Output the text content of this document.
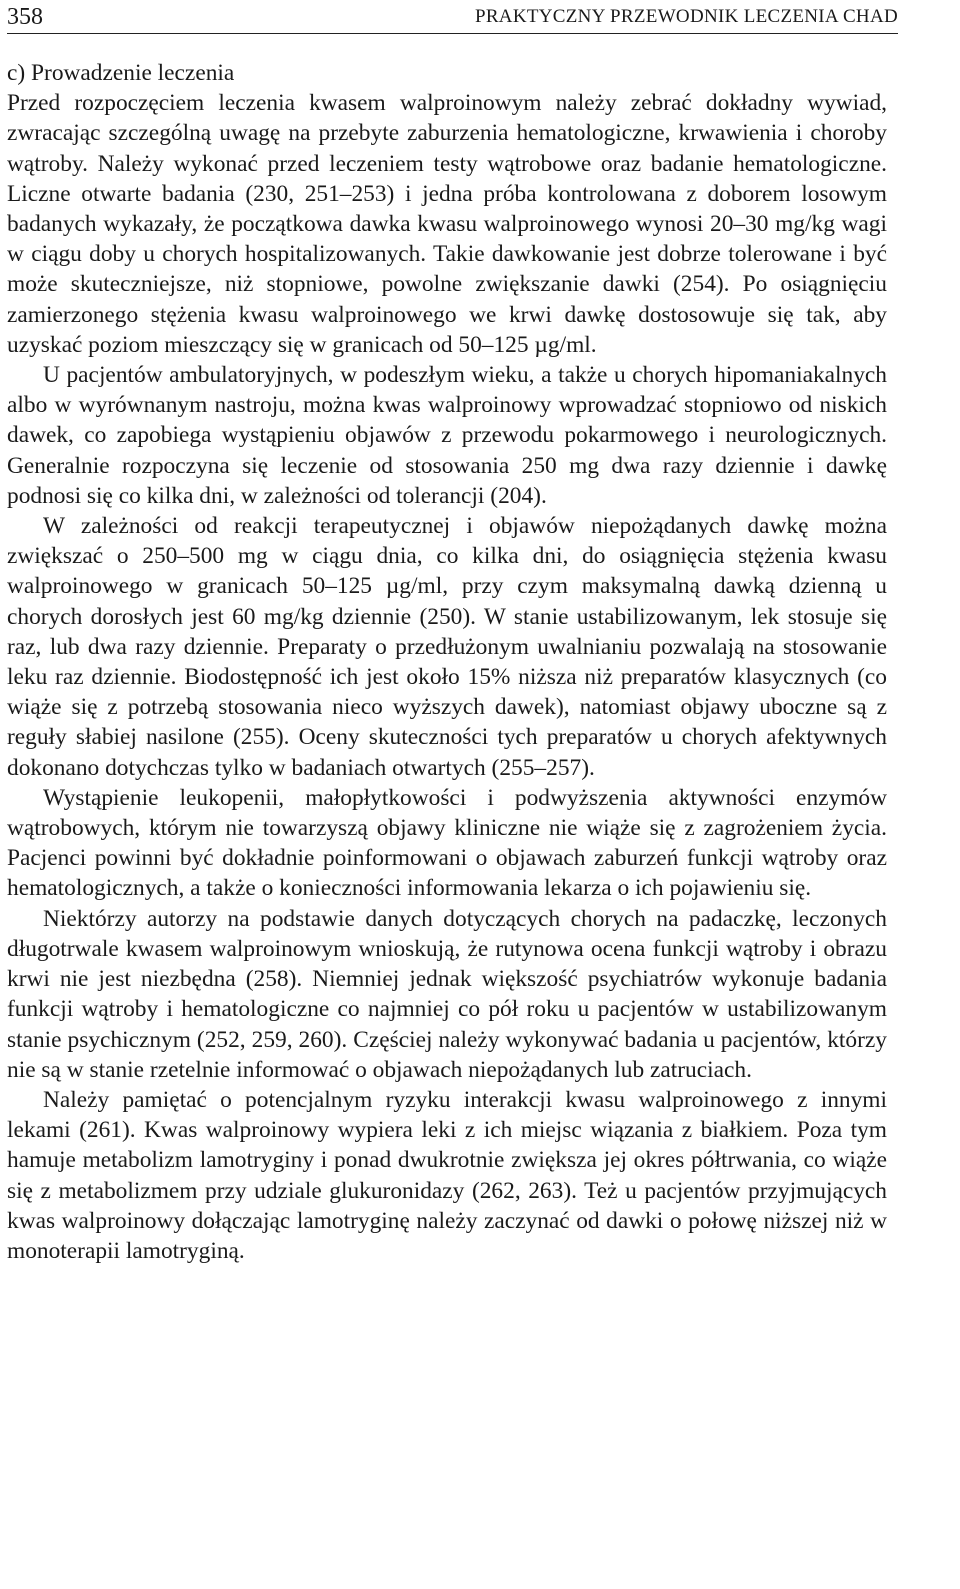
358	PRAKTYCZNY PRZEWODNIK LECZENIA CHAD
c) Prowadzenie leczenia

Przed rozpoczęciem leczenia kwasem walproinowym należy zebrać dokładny wywiad, zwracając szczególną uwagę na przebyte zaburzenia hematologiczne, krwawienia i choroby wątroby. Należy wykonać przed leczeniem testy wątrobowe oraz badanie hematologiczne. Liczne otwarte badania (230, 251–253) i jedna próba kontrolowana z doborem losowym badanych wykazały, że początkowa dawka kwasu walproinowego wynosi 20–30 mg/kg wagi w ciągu doby u chorych hospitalizowanych. Takie dawkowanie jest dobrze tolerowane i być może skuteczniejsze, niż stopniowe, powolne zwiększanie dawki (254). Po osiągnięciu zamierzonego stężenia kwasu walproinowego we krwi dawkę dostosowuje się tak, aby uzyskać poziom mieszczący się w granicach od 50–125 µg/ml.

U pacjentów ambulatoryjnych, w podeszłym wieku, a także u chorych hipomaniakalnych albo w wyrównanym nastroju, można kwas walproinowy wprowadzać stopniowo od niskich dawek, co zapobiega wystąpieniu objawów z przewodu pokarmowego i neurologicznych. Generalnie rozpoczyna się leczenie od stosowania 250 mg dwa razy dziennie i dawkę podnosi się co kilka dni, w zależności od tolerancji (204).

W zależności od reakcji terapeutycznej i objawów niepożądanych dawkę można zwiększać o 250–500 mg w ciągu dnia, co kilka dni, do osiągnięcia stężenia kwasu walproinowego w granicach 50–125 µg/ml, przy czym maksymalną dawką dzienną u chorych dorosłych jest 60 mg/kg dziennie (250). W stanie ustabilizowanym, lek stosuje się raz, lub dwa razy dziennie. Preparaty o przedłużonym uwalnianiu pozwalają na stosowanie leku raz dziennie. Biodostępność ich jest około 15% niższa niż preparatów klasycznych (co wiąże się z potrzebą stosowania nieco wyższych dawek), natomiast objawy uboczne są z reguły słabiej nasilone (255). Oceny skuteczności tych preparatów u chorych afektywnych dokonano dotychczas tylko w badaniach otwartych (255–257).

Wystąpienie leukopenii, małopłytkowości i podwyższenia aktywności enzymów wątrobowych, którym nie towarzyszą objawy kliniczne nie wiąże się z zagrożeniem życia. Pacjenci powinni być dokładnie poinformowani o objawach zaburzeń funkcji wątroby oraz hematologicznych, a także o konieczności informowania lekarza o ich pojawieniu się.

Niektórzy autorzy na podstawie danych dotyczących chorych na padaczkę, leczonych długotrwale kwasem walproinowym wnioskują, że rutynowa ocena funkcji wątroby i obrazu krwi nie jest niezbędna (258). Niemniej jednak większość psychiatrów wykonuje badania funkcji wątroby i hematologiczne co najmniej co pół roku u pacjentów w ustabilizowanym stanie psychicznym (252, 259, 260). Częściej należy wykonywać badania u pacjentów, którzy nie są w stanie rzetelnie informować o objawach niepożądanych lub zatruciach.

Należy pamiętać o potencjalnym ryzyku interakcji kwasu walproinowego z innymi lekami (261). Kwas walproinowy wypiera leki z ich miejsc wiązania z białkiem. Poza tym hamuje metabolizm lamotryginy i ponad dwukrotnie zwiększa jej okres półtrwania, co wiąże się z metabolizmem przy udziale glukuronidazy (262, 263). Też u pacjentów przyjmujących kwas walproinowy dołączając lamotryginę należy zaczynać od dawki o połowę niższej niż w monoterapii lamotryginą.
